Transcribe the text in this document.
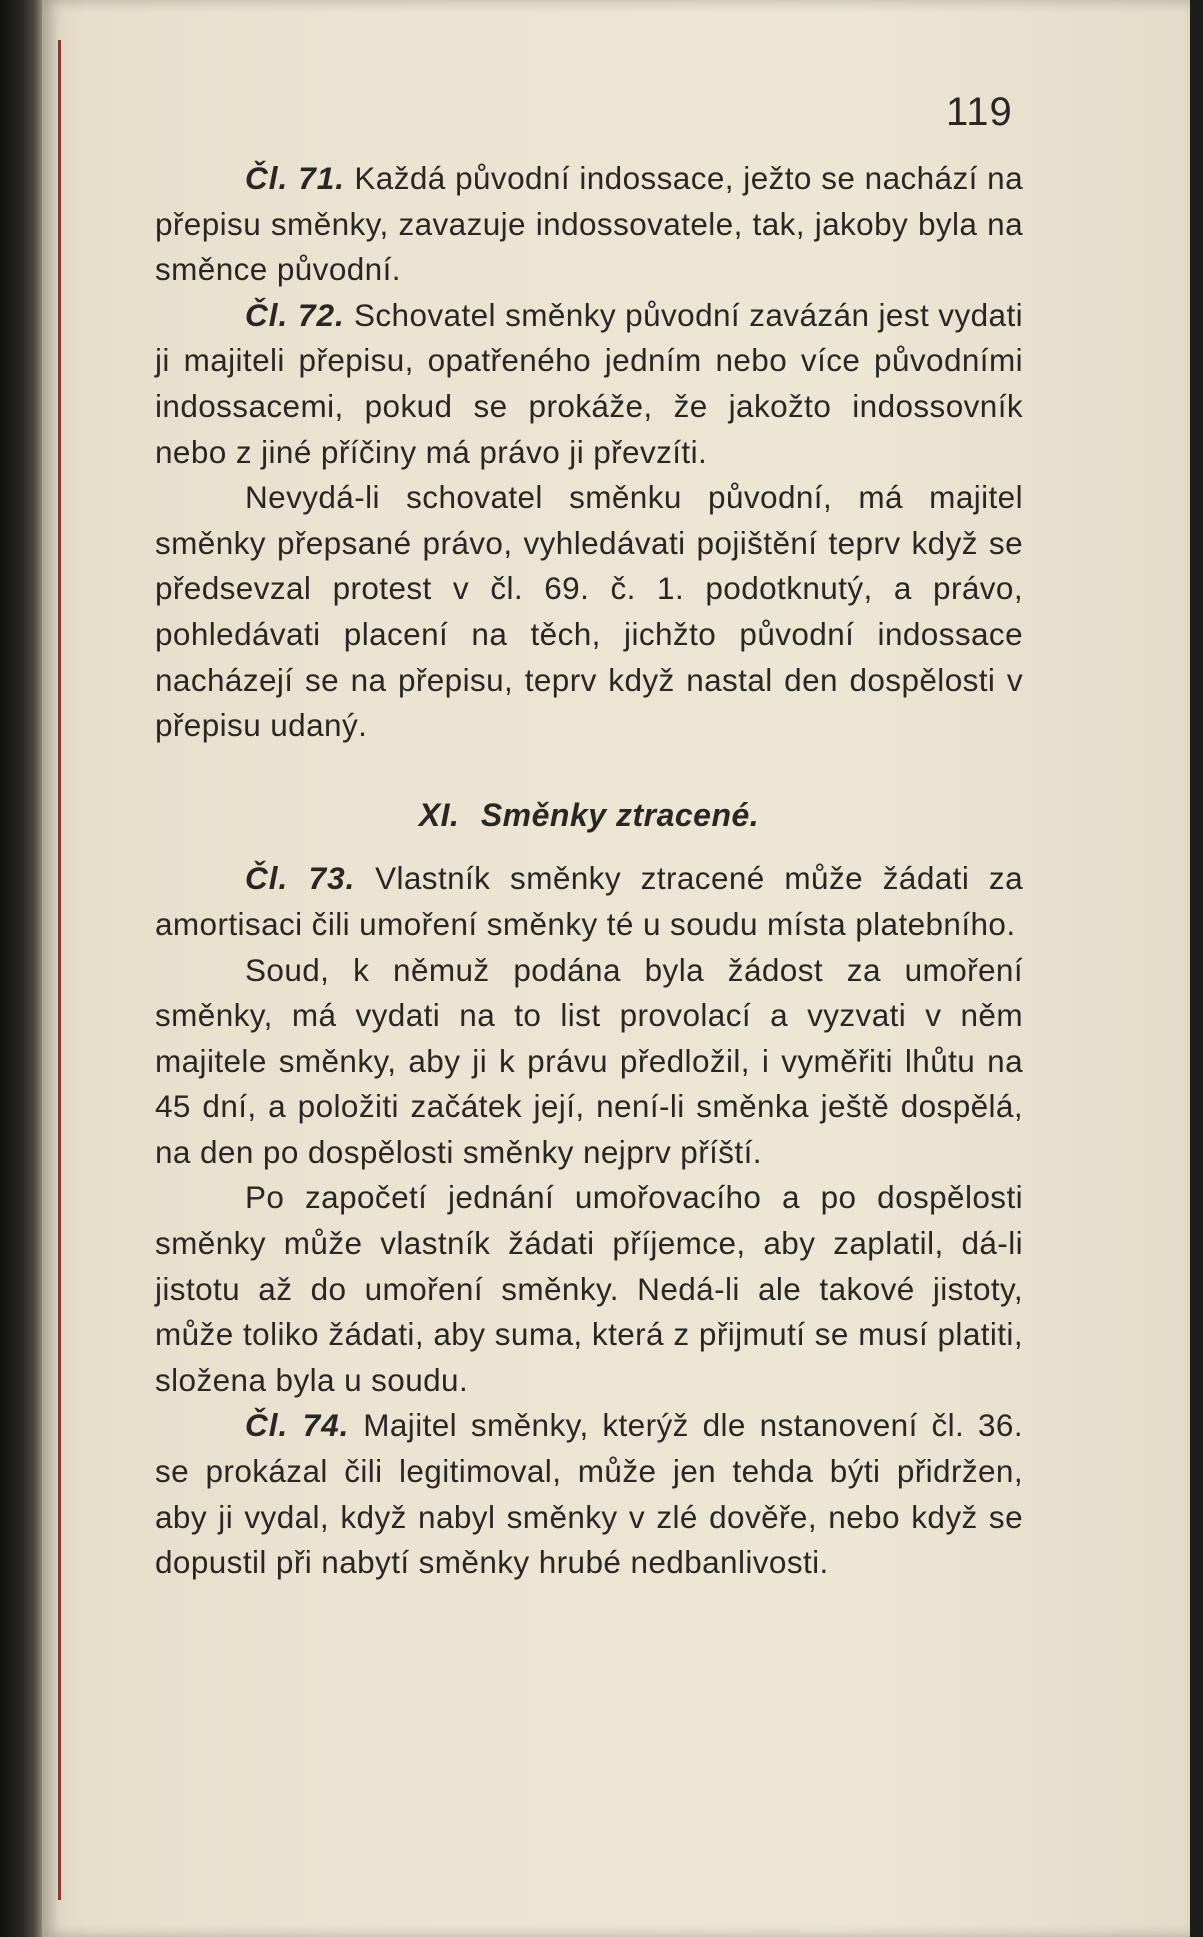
119

Čl. 71. Každá původní indossace, ježto se nachází na přepisu směnky, zavazuje indossovatele, tak, jakoby byla na směnce původní.

Čl. 72. Schovatel směnky původní zavázán jest vydati ji majiteli přepisu, opatřeného jedním nebo více původními indossacemi, pokud se prokáže, že jakožto indossovník nebo z jiné příčiny má právo ji převzíti.

Nevydá-li schovatel směnku původní, má majitel směnky přepsané právo, vyhledávati pojištění teprv když se předsevzal protest v čl. 69. č. 1. podotknutý, a právo, pohledávati placení na těch, jichžto původní indossace nacházejí se na přepisu, teprv když nastal den dospělosti v přepisu udaný.

XI. Směnky ztracené.

Čl. 73. Vlastník směnky ztracené může žádati za amortisaci čili umoření směnky té u soudu místa platebního.

Soud, k němuž podána byla žádost za umoření směnky, má vydati na to list provolací a vyzvati v něm majitele směnky, aby ji k právu předložil, i vyměřiti lhůtu na 45 dní, a položiti začátek její, není-li směnka ještě dospělá, na den po dospělosti směnky nejprv příští.

Po započetí jednání umořovacího a po dospělosti směnky může vlastník žádati příjemce, aby zaplatil, dá-li jistotu až do umoření směnky. Nedá-li ale takové jistoty, může toliko žádati, aby suma, která z přijmutí se musí platiti, složena byla u soudu.

Čl. 74. Majitel směnky, kterýž dle nstanovení čl. 36. se prokázal čili legitimoval, může jen tehda býti přidržen, aby ji vydal, když nabyl směnky v zlé dověře, nebo když se dopustil při nabytí směnky hrubé nedbanlivosti.
